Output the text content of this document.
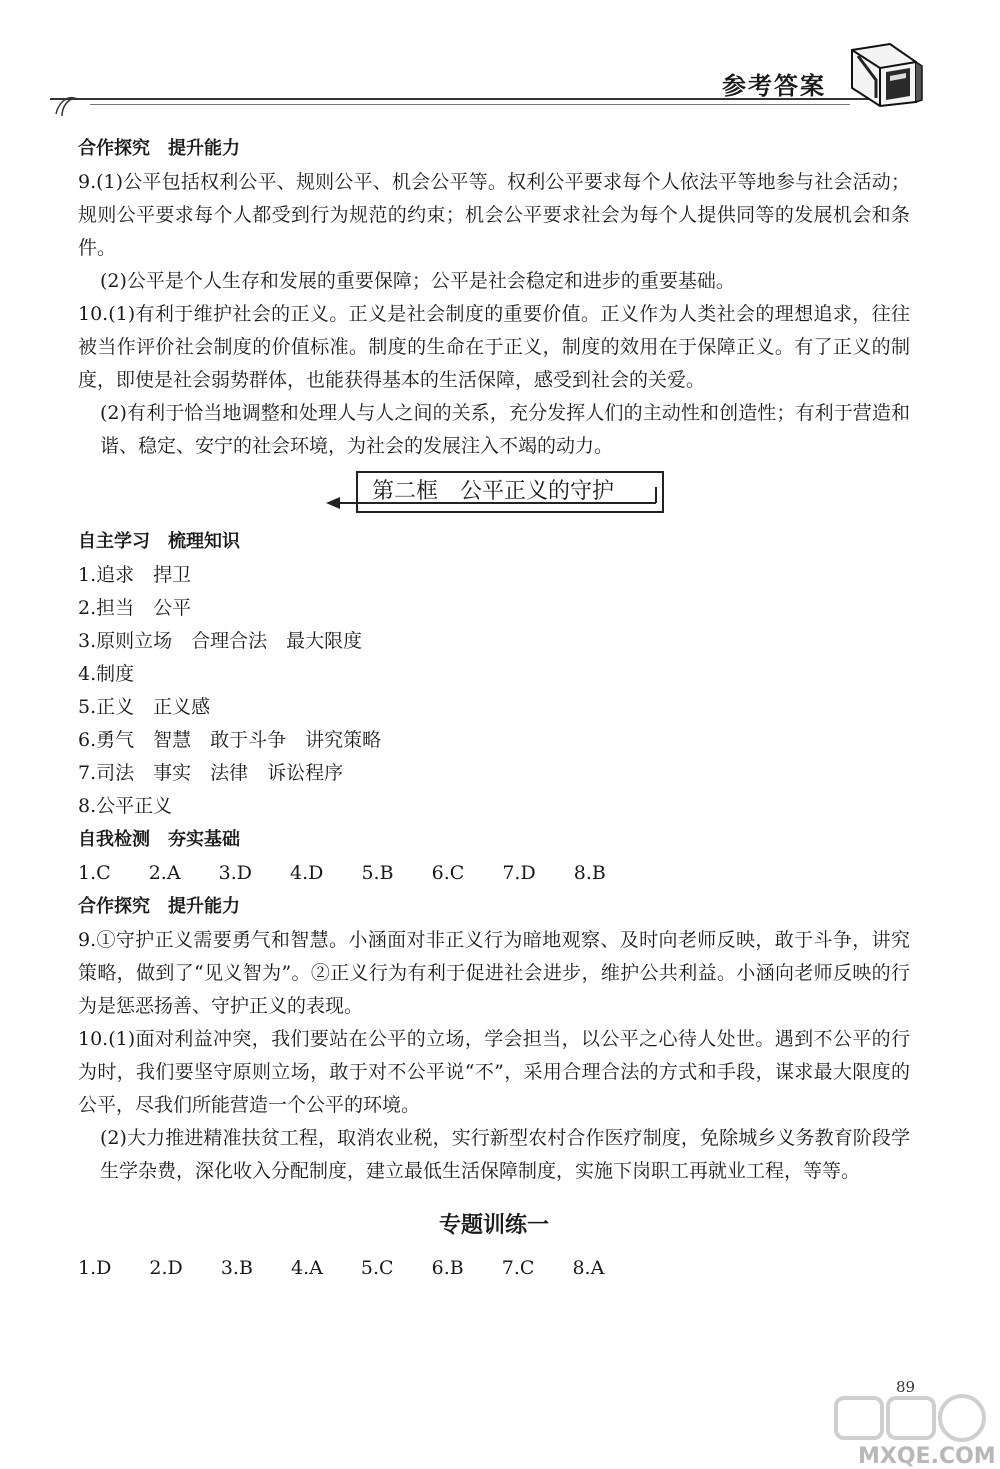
参考答案
合作探究　提升能力
9.(1)公平包括权利公平、规则公平、机会公平等。权利公平要求每个人依法平等地参与社会活动；规则公平要求每个人都受到行为规范的约束；机会公平要求社会为每个人提供同等的发展机会和条件。
(2)公平是个人生存和发展的重要保障；公平是社会稳定和进步的重要基础。
10.(1)有利于维护社会的正义。正义是社会制度的重要价值。正义作为人类社会的理想追求，往往被当作评价社会制度的价值标准。制度的生命在于正义，制度的效用在于保障正义。有了正义的制度，即使是社会弱势群体，也能获得基本的生活保障，感受到社会的关爱。
(2)有利于恰当地调整和处理人与人之间的关系，充分发挥人们的主动性和创造性；有利于营造和谐、稳定、安宁的社会环境，为社会的发展注入不竭的动力。
第二框　公平正义的守护
自主学习　梳理知识
1.追求　捍卫
2.担当　公平
3.原则立场　合理合法　最大限度
4.制度
5.正义　正义感
6.勇气　智慧　敢于斗争　讲究策略
7.司法　事实　法律　诉讼程序
8.公平正义
自我检测　夯实基础
1.C 2.A 3.D 4.D 5.B 6.C 7.D 8.B
合作探究　提升能力
9.①守护正义需要勇气和智慧。小涵面对非正义行为暗地观察、及时向老师反映，敢于斗争，讲究策略，做到了“见义智为”。②正义行为有利于促进社会进步，维护公共利益。小涵向老师反映的行为是惩恶扬善、守护正义的表现。
10.(1)面对利益冲突，我们要站在公平的立场，学会担当，以公平之心待人处世。遇到不公平的行为时，我们要坚守原则立场，敢于对不公平说“不”，采用合理合法的方式和手段，谋求最大限度的公平，尽我们所能营造一个公平的环境。
(2)大力推进精准扶贫工程，取消农业税，实行新型农村合作医疗制度，免除城乡义务教育阶段学生学杂费，深化收入分配制度，建立最低生活保障制度，实施下岗职工再就业工程，等等。
专题训练一
1.D 2.D 3.B 4.A 5.C 6.B 7.C 8.A
89
MXQE.COM
